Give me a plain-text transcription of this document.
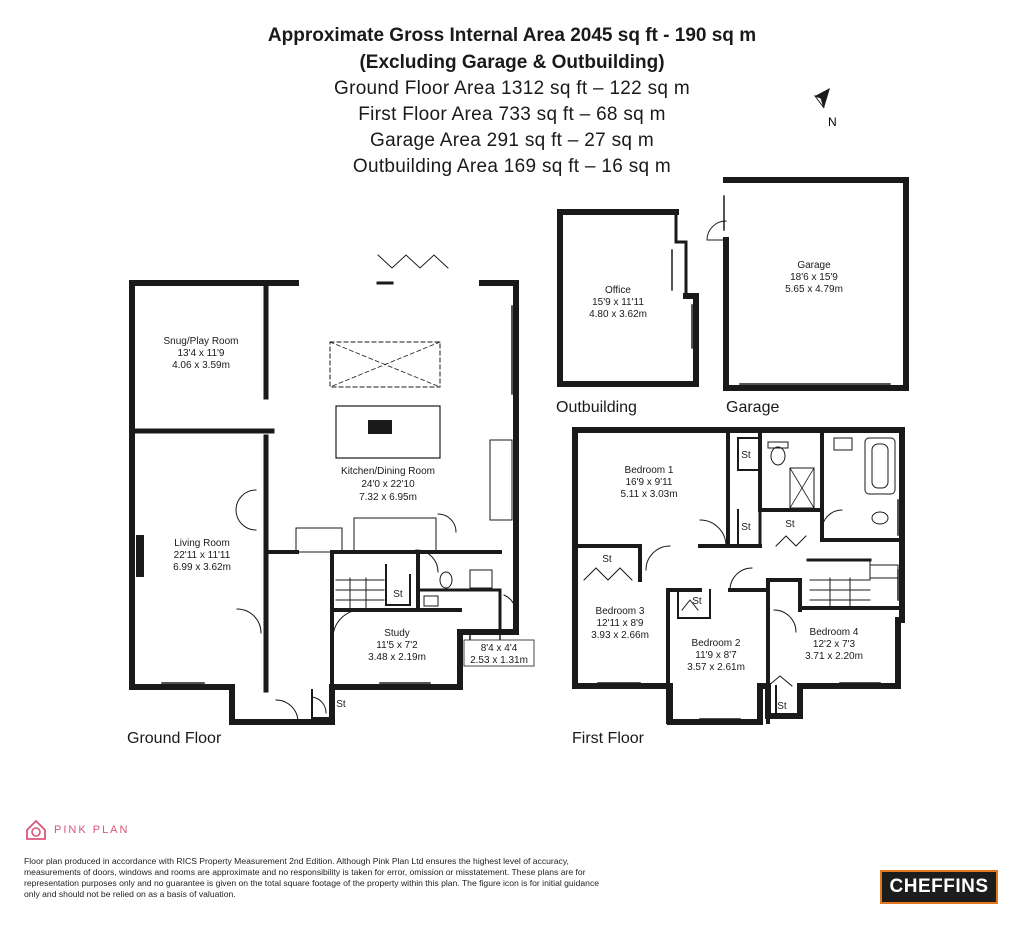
Approximate Gross Internal Area 2045 sq ft - 190 sq m
(Excluding Garage & Outbuilding)
Ground Floor Area 1312 sq ft – 122 sq m
First Floor Area 733 sq ft – 68 sq m
Garage Area 291 sq ft – 27 sq m
Outbuilding Area 169 sq ft – 16 sq m
N
Office
15'9 x 11'11
4.80 x 3.62m
Garage
18'6 x 15'9
5.65 x 4.79m
Snug/Play Room
13'4 x 11'9
4.06 x 3.59m
Kitchen/Dining Room
24'0 x 22'10
7.32 x 6.95m
Living Room
22'11 x 11'11
6.99 x 3.62m
Study
11'5 x 7'2
3.48 x 2.19m
8'4 x 4'4
2.53 x 1.31m
Bedroom 1
16'9 x 9'11
5.11 x 3.03m
Bedroom 3
12'11 x 8'9
3.93 x 2.66m
Bedroom 2
11'9 x 8'7
3.57 x 2.61m
Bedroom 4
12'2 x 7'3
3.71 x 2.20m
St
St
St
St	St
St
St
St
Outbuilding	Garage
Ground Floor	First Floor
PINK PLAN
Floor plan produced in accordance with RICS Property Measurement 2nd Edition. Although Pink Plan Ltd ensures the highest level of accuracy, measurements of doors, windows and rooms are approximate and no responsibility is taken for error, omission or misstatement. These plans are for representation purposes only and no guarantee is given on the total square footage of the property within this plan. The figure icon is for initial guidance only and should not be relied on as a basis of valuation.	CHEFFINS
